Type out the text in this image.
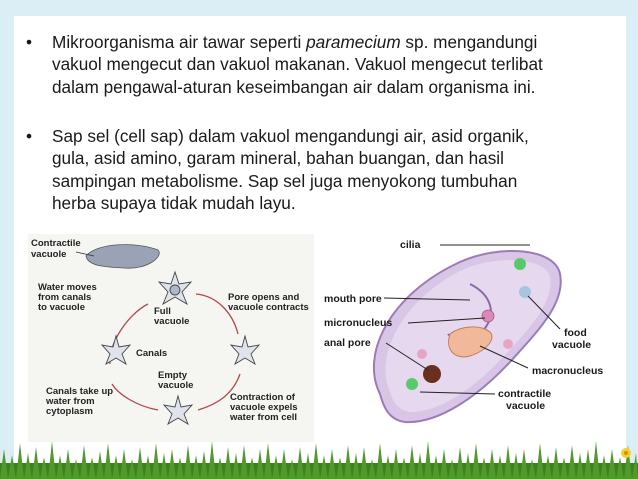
•	Mikroorganisma air tawar seperti paramecium sp. mengandungi
vakuol mengecut dan vakuol makanan. Vakuol mengecut terlibat
dalam pengawal-aturan keseimbangan air dalam organisma ini.
•	Sap sel (cell sap) dalam vakuol mengandungi air, asid organik,
gula, asid amino, garam mineral, bahan buangan, dan hasil
sampingan metabolisme. Sap sel juga menyokong tumbuhan
herba supaya tidak mudah layu.
Contractile vacuole
Water moves from canals to vacuole	Full vacuole
Pore opens and vacuole contracts
Canals
Empty vacuole
Canals take up water from cytoplasm
Contraction of vacuole expels water from cell
cilia
mouth pore
micronucleus
anal pore
food vacuole
macronucleus
contractile vacuole
